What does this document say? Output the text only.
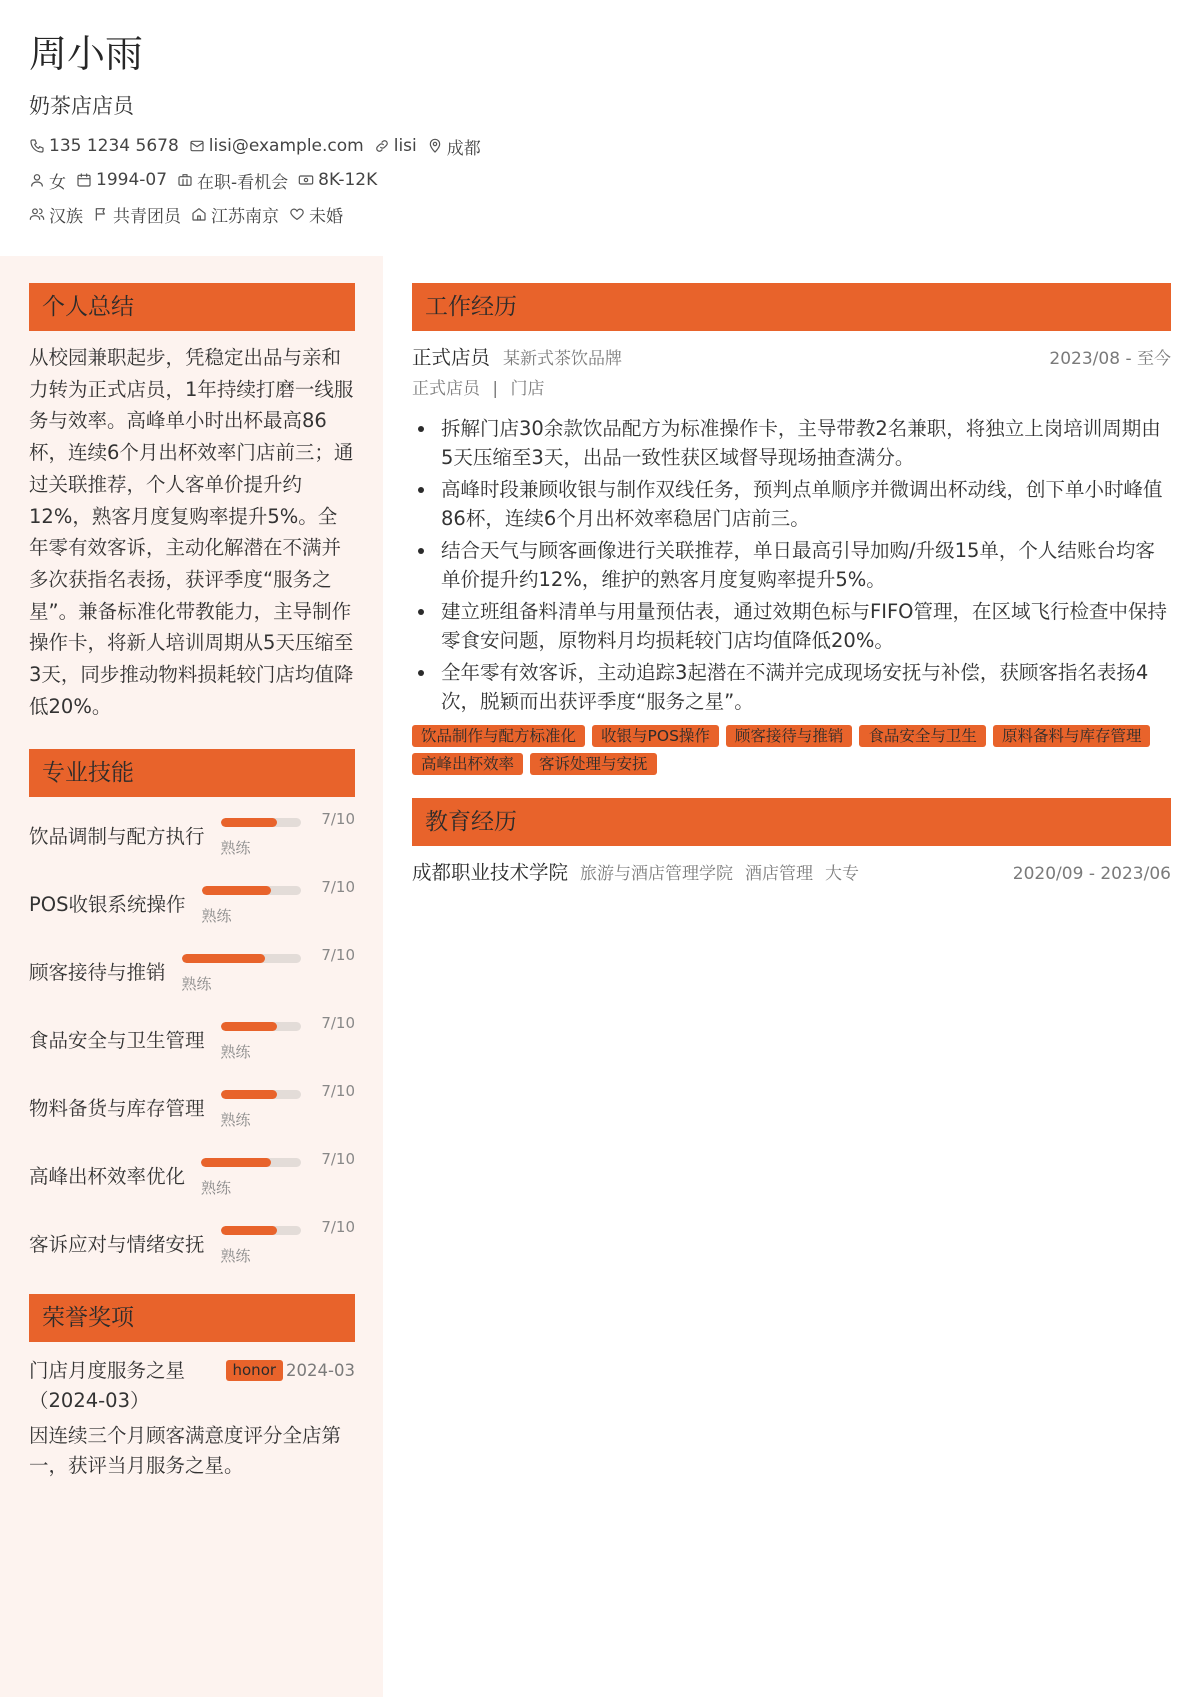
周小雨
奶茶店店员
135 1234 5678 lisi@example.com lisi 成都
女 1994-07 在职-看机会 8K-12K
汉族 共青团员 江苏南京 未婚
个人总结

从校园兼职起步，凭稳定出品与亲和力转为正式店员，1年持续打磨一线服务与效率。高峰单小时出杯最高86杯，连续6个月出杯效率门店前三；通过关联推荐，个人客单价提升约12%，熟客月度复购率提升5%。全年零有效客诉，主动化解潜在不满并多次获指名表扬，获评季度“服务之星”。兼备标准化带教能力，主导制作操作卡，将新人培训周期从5天压缩至3天，同步推动物料损耗较门店均值降低20%。

专业技能
饮品调制与配方执行 熟练
7/10
POS收银系统操作 熟练
7/10
顾客接待与推销 熟练
7/10
食品安全与卫生管理 熟练
7/10
物料备货与库存管理 熟练
7/10
高峰出杯效率优化 熟练
7/10
客诉应对与情绪安抚 熟练
7/10
荣誉奖项
门店月度服务之星（2024-03）
honor 2024-03
因连续三个月顾客满意度评分全店第一，获评当月服务之星。
工作经历
正式店员 某新式茶饮品牌	2023/08 - 至今
正式店员 | 门店
拆解门店30余款饮品配方为标准操作卡，主导带教2名兼职，将独立上岗培训周期由5天压缩至3天，出品一致性获区域督导现场抽查满分。
高峰时段兼顾收银与制作双线任务，预判点单顺序并微调出杯动线，创下单小时峰值86杯，连续6个月出杯效率稳居门店前三。
结合天气与顾客画像进行关联推荐，单日最高引导加购/升级15单，个人结账台均客单价提升约12%，维护的熟客月度复购率提升5%。
建立班组备料清单与用量预估表，通过效期色标与FIFO管理，在区域飞行检查中保持零食安问题，原物料月均损耗较门店均值降低20%。
全年零有效客诉，主动追踪3起潜在不满并完成现场安抚与补偿，获顾客指名表扬4次，脱颖而出获评季度“服务之星”。
饮品制作与配方标准化	收银与POS操作	顾客接待与推销	食品安全与卫生	原料备料与库存管理
高峰出杯效率	客诉处理与安抚
教育经历
成都职业技术学院 旅游与酒店管理学院 酒店管理 大专	2020/09 - 2023/06
